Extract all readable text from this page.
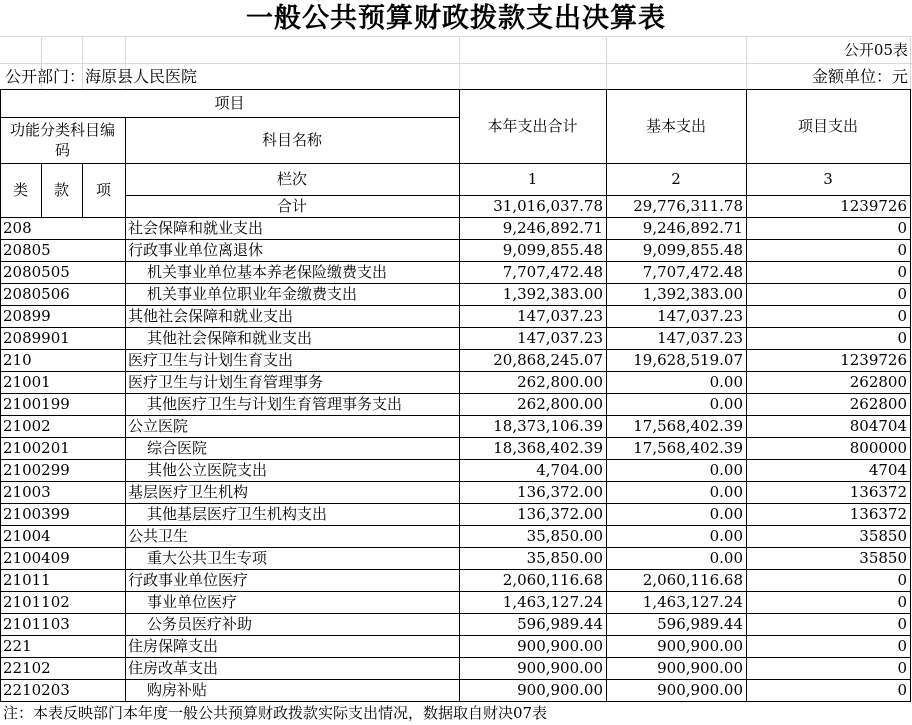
一般公共预算财政拨款支出决算表
公开05表
公开部门：海原县人民医院	金额单位：元
项目
功能分类科目编码
科目名称
本年支出合计	基本支出	项目支出
类	款	项
栏次	1	2	3
合计	31,016,037.78	29,776,311.78	1239726
208	社会保障和就业支出	9,246,892.71	9,246,892.71	0
20805	行政事业单位离退休	9,099,855.48	9,099,855.48	0
2080505	机关事业单位基本养老保险缴费支出	7,707,472.48	7,707,472.48	0
2080506	机关事业单位职业年金缴费支出	1,392,383.00	1,392,383.00	0
20899	其他社会保障和就业支出	147,037.23	147,037.23	0
2089901	其他社会保障和就业支出	147,037.23	147,037.23	0
210	医疗卫生与计划生育支出	20,868,245.07	19,628,519.07	1239726
21001	医疗卫生与计划生育管理事务	262,800.00	0.00	262800
2100199	其他医疗卫生与计划生育管理事务支出	262,800.00	0.00	262800
21002	公立医院	18,373,106.39	17,568,402.39	804704
2100201	综合医院	18,368,402.39	17,568,402.39	800000
2100299	其他公立医院支出	4,704.00	0.00	4704
21003	基层医疗卫生机构	136,372.00	0.00	136372
2100399	其他基层医疗卫生机构支出	136,372.00	0.00	136372
21004	公共卫生	35,850.00	0.00	35850
2100409	重大公共卫生专项	35,850.00	0.00	35850
21011	行政事业单位医疗	2,060,116.68	2,060,116.68	0
2101102	事业单位医疗	1,463,127.24	1,463,127.24	0
2101103	公务员医疗补助	596,989.44	596,989.44	0
221	住房保障支出	900,900.00	900,900.00	0
22102	住房改革支出	900,900.00	900,900.00	0
2210203	购房补贴	900,900.00	900,900.00	0
注：本表反映部门本年度一般公共预算财政拨款实际支出情况，数据取自财决07表
